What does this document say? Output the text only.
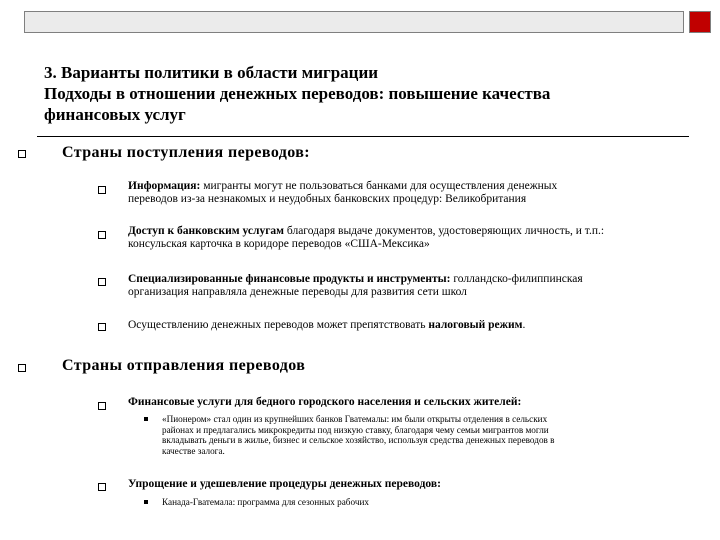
3. Варианты политики в области миграции
Подходы в отношении денежных переводов: повышение качества
финансовых услуг
Страны поступления переводов:
Информация: мигранты могут не пользоваться банками для осуществления денежных
переводов из-за незнакомых и неудобных банковских процедур: Великобритания
Доступ к банковским услугам благодаря выдаче документов, удостоверяющих личность, и т.п.:
консульская карточка в коридоре переводов «США-Мексика»
Специализированные финансовые продукты и инструменты: голландско-филиппинская
организация направляла денежные переводы для развития сети школ
Осуществлению денежных переводов может препятствовать налоговый режим.
Страны отправления переводов
Финансовые услуги для бедного городского населения и сельских жителей:
«Пионером» стал один из крупнейших банков Гватемалы: им были открыты отделения в сельских
районах и предлагались микрокредиты под низкую ставку, благодаря чему семьи мигрантов могли
вкладывать деньги в жилье, бизнес и сельское хозяйство, используя средства денежных переводов в
качестве залога.
Упрощение и удешевление процедуры денежных переводов:
Канада-Гватемала: программа для сезонных рабочих
